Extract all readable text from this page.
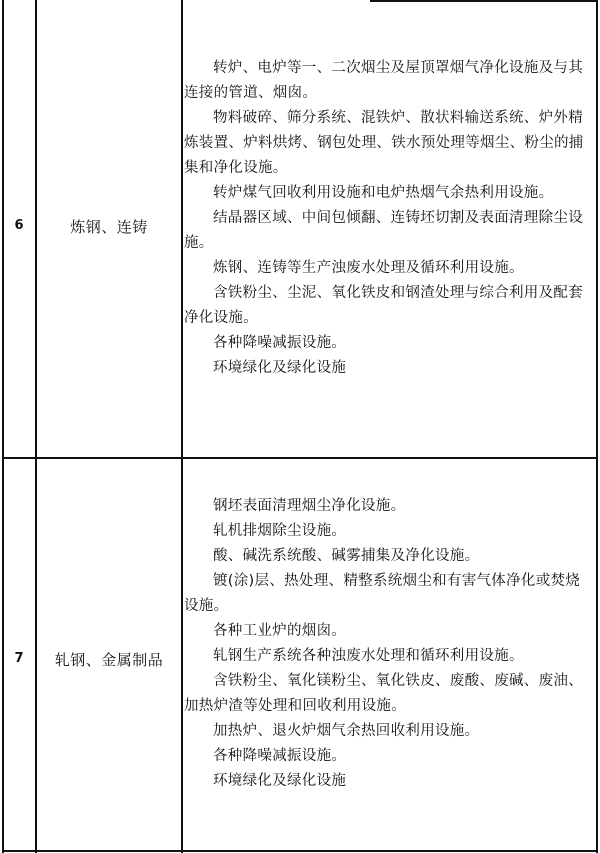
6	炼钢、连铸

转炉、电炉等一、二次烟尘及屋顶罩烟气净化设施及与其连接的管道、烟囱。

物料破碎、筛分系统、混铁炉、散状料输送系统、炉外精炼装置、炉料烘烤、钢包处理、铁水预处理等烟尘、粉尘的捕集和净化设施。

转炉煤气回收利用设施和电炉热烟气余热利用设施。

结晶器区域、中间包倾翻、连铸坯切割及表面清理除尘设施。

炼钢、连铸等生产浊废水处理及循环利用设施。

含铁粉尘、尘泥、氧化铁皮和钢渣处理与综合利用及配套净化设施。

各种降噪减振设施。

环境绿化及绿化设施

7	轧钢、金属制品

钢坯表面清理烟尘净化设施。

轧机排烟除尘设施。

酸、碱洗系统酸、碱雾捕集及净化设施。

镀(涂)层、热处理、精整系统烟尘和有害气体净化或焚烧设施。

各种工业炉的烟囱。

轧钢生产系统各种浊废水处理和循环利用设施。

含铁粉尘、氧化镁粉尘、氧化铁皮、废酸、废碱、废油、加热炉渣等处理和回收利用设施。

加热炉、退火炉烟气余热回收利用设施。

各种降噪减振设施。

环境绿化及绿化设施
